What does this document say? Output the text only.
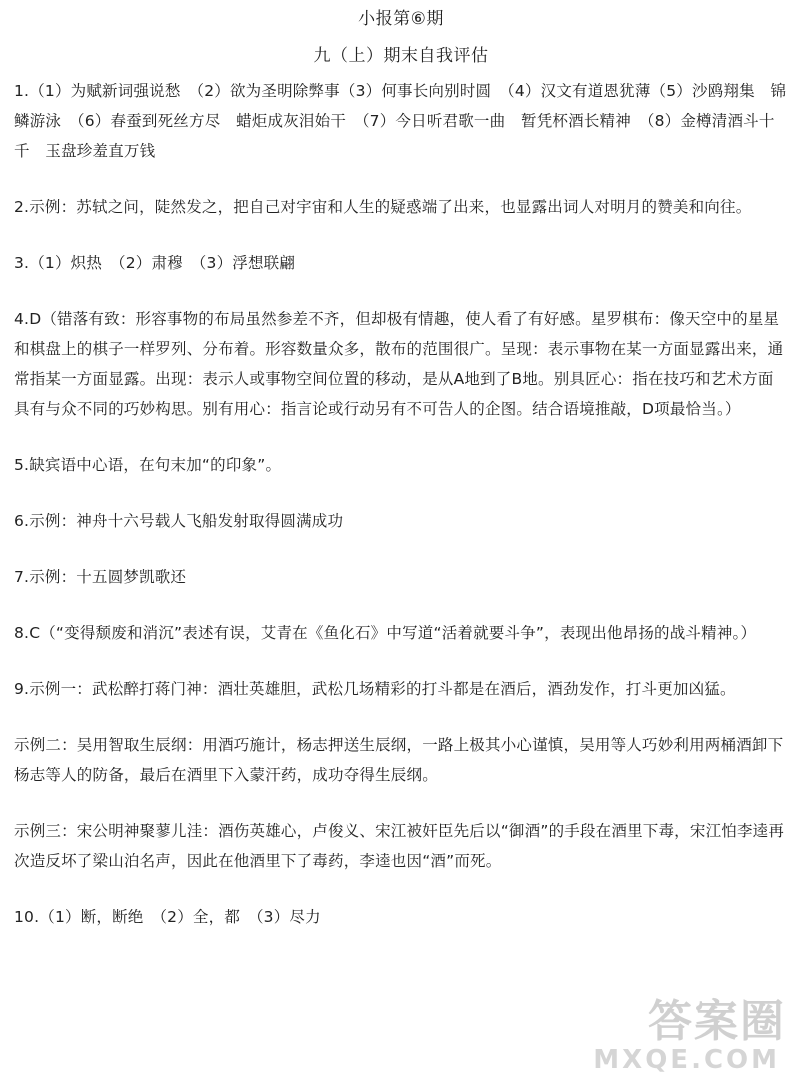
小报第⑥期
九（上）期末自我评估
1.（1）为赋新词强说愁　（2）欲为圣明除弊事（3）何事长向别时圆　（4）汉文有道恩犹薄（5）沙鸥翔集　锦鳞游泳　（6）春蚕到死丝方尽　蜡炬成灰泪始干　（7）今日听君歌一曲　暂凭杯酒长精神　（8）金樽清酒斗十千　玉盘珍羞直万钱
2.示例：苏轼之问，陡然发之，把自己对宇宙和人生的疑惑端了出来，也显露出词人对明月的赞美和向往。
3.（1）炽热　（2）肃穆　（3）浮想联翩
4.D（错落有致：形容事物的布局虽然参差不齐，但却极有情趣，使人看了有好感。星罗棋布：像天空中的星星和棋盘上的棋子一样罗列、分布着。形容数量众多，散布的范围很广。呈现：表示事物在某一方面显露出来，通常指某一方面显露。出现：表示人或事物空间位置的移动，是从A地到了B地。别具匠心：指在技巧和艺术方面具有与众不同的巧妙构思。别有用心：指言论或行动另有不可告人的企图。结合语境推敲，D项最恰当。）
5.缺宾语中心语，在句末加“的印象”。
6.示例：神舟十六号载人飞船发射取得圆满成功
7.示例：十五圆梦凯歌还
8.C（“变得颓废和消沉”表述有误，艾青在《鱼化石》中写道“活着就要斗争”，表现出他昂扬的战斗精神。）
9.示例一：武松醉打蒋门神：酒壮英雄胆，武松几场精彩的打斗都是在酒后，酒劲发作，打斗更加凶猛。
示例二：吴用智取生辰纲：用酒巧施计，杨志押送生辰纲，一路上极其小心谨慎，吴用等人巧妙利用两桶酒卸下杨志等人的防备，最后在酒里下入蒙汗药，成功夺得生辰纲。
示例三：宋公明神聚蓼儿洼：酒伤英雄心，卢俊义、宋江被奸臣先后以“御酒”的手段在酒里下毒，宋江怕李逵再次造反坏了梁山泊名声，因此在他酒里下了毒药，李逵也因“酒”而死。
10.（1）断，断绝　（2）全，都　（3）尽力
答案圈
MXQE.COM
